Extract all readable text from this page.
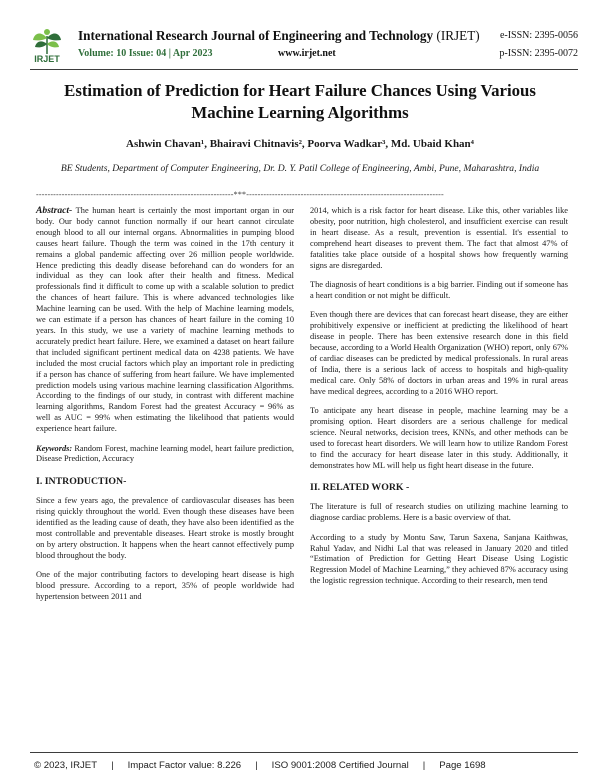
IRJET
International Research Journal of Engineering and Technology (IRJET)
Volume: 10 Issue: 04 | Apr 2023	www.irjet.net
e-ISSN: 2395-0056
p-ISSN: 2395-0072
Estimation of Prediction for Heart Failure Chances Using Various Machine Learning Algorithms
Ashwin Chavan¹, Bhairavi Chitnavis², Poorva Wadkar³, Md. Ubaid Khan⁴
BE Students, Department of Computer Engineering, Dr. D. Y. Patil College of Engineering, Ambi, Pune, Maharashtra, India
---------------------------------------------------------------------***---------------------------------------------------------------------

Abstract- The human heart is certainly the most important organ in our body. Our body cannot function normally if our heart cannot circulate enough blood to all our internal organs. Abnormalities in pumping blood causes heart failure. Though the term was coined in the 17th century it remains a global pandemic affecting over 26 million people worldwide. Hence predicting this deadly disease beforehand can do wonders for an individual as they can look after their health and fitness. Medical professionals find it difficult to come up with a scalable solution to predict the chances of heart failure. This is where advanced technologies like Machine learning can be used. With the help of Machine learning models, we can estimate if a person has chances of heart failure in the coming 10 years. In this study, we use a variety of machine learning methods to accurately predict heart failure. Here, we examined a dataset on heart failure that included significant pertinent medical data on 4238 patients. We have included the most crucial factors which play an important role in predicting if a person has chance of suffering from heart failure. We have implemented prediction models using various machine learning classification Algorithms. According to the findings of our study, in contrast with different machine learning algorithms, Random Forest had the greatest Accuracy = 96% as well as AUC = 99% when estimating the likelihood that patients would experience heart failure.

Keywords: Random Forest, machine learning model, heart failure prediction, Disease Prediction, Accuracy

I. INTRODUCTION-

Since a few years ago, the prevalence of cardiovascular diseases has been rising quickly throughout the world. Even though these diseases have been identified as the leading cause of death, they have also been identified as the most controllable and preventable diseases. Heart stroke is mostly brought on by artery obstruction. It happens when the heart cannot effectively pump blood throughout the body.

One of the major contributing factors to developing heart disease is high blood pressure. According to a report, 35% of people worldwide had hypertension between 2011 and

2014, which is a risk factor for heart disease. Like this, other variables like obesity, poor nutrition, high cholesterol, and insufficient exercise can result in heart disease. As a result, prevention is essential. It's essential to comprehend heart diseases to prevent them. The fact that almost 47% of fatalities take place outside of a hospital shows how frequently warning signs are disregarded.

The diagnosis of heart conditions is a big barrier. Finding out if someone has a heart condition or not might be difficult.

Even though there are devices that can forecast heart disease, they are either prohibitively expensive or inefficient at predicting the likelihood of heart disease in people. There has been extensive research done in this field because, according to a World Health Organization (WHO) report, only 67% of cardiac diseases can be predicted by medical professionals. In rural areas of India, there is a serious lack of access to hospitals and high-quality medical care. Only 58% of doctors in urban areas and 19% in rural areas have medical degrees, according to a 2016 WHO report.

To anticipate any heart disease in people, machine learning may be a promising option. Heart disorders are a serious challenge for medical science. Neural networks, decision trees, KNNs, and other methods can be used to forecast heart disorders. We will learn how to utilize Random Forest to find the accuracy for heart disease later in this study. Additionally, it demonstrates how ML will help us fight heart disease in the future.

II. RELATED WORK -

The literature is full of research studies on utilizing machine learning to diagnose cardiac problems. Here is a basic overview of that.

According to a study by Montu Saw, Tarun Saxena, Sanjana Kaithwas, Rahul Yadav, and Nidhi Lal that was released in January 2020 and titled “Estimation of Prediction for Getting Heart Disease Using Logistic Regression Model of Machine Learning,” they achieved 87% accuracy using the logistic regression technique. According to their research, men tend

© 2023, IRJET | Impact Factor value: 8.226 | ISO 9001:2008 Certified Journal | Page 1698
